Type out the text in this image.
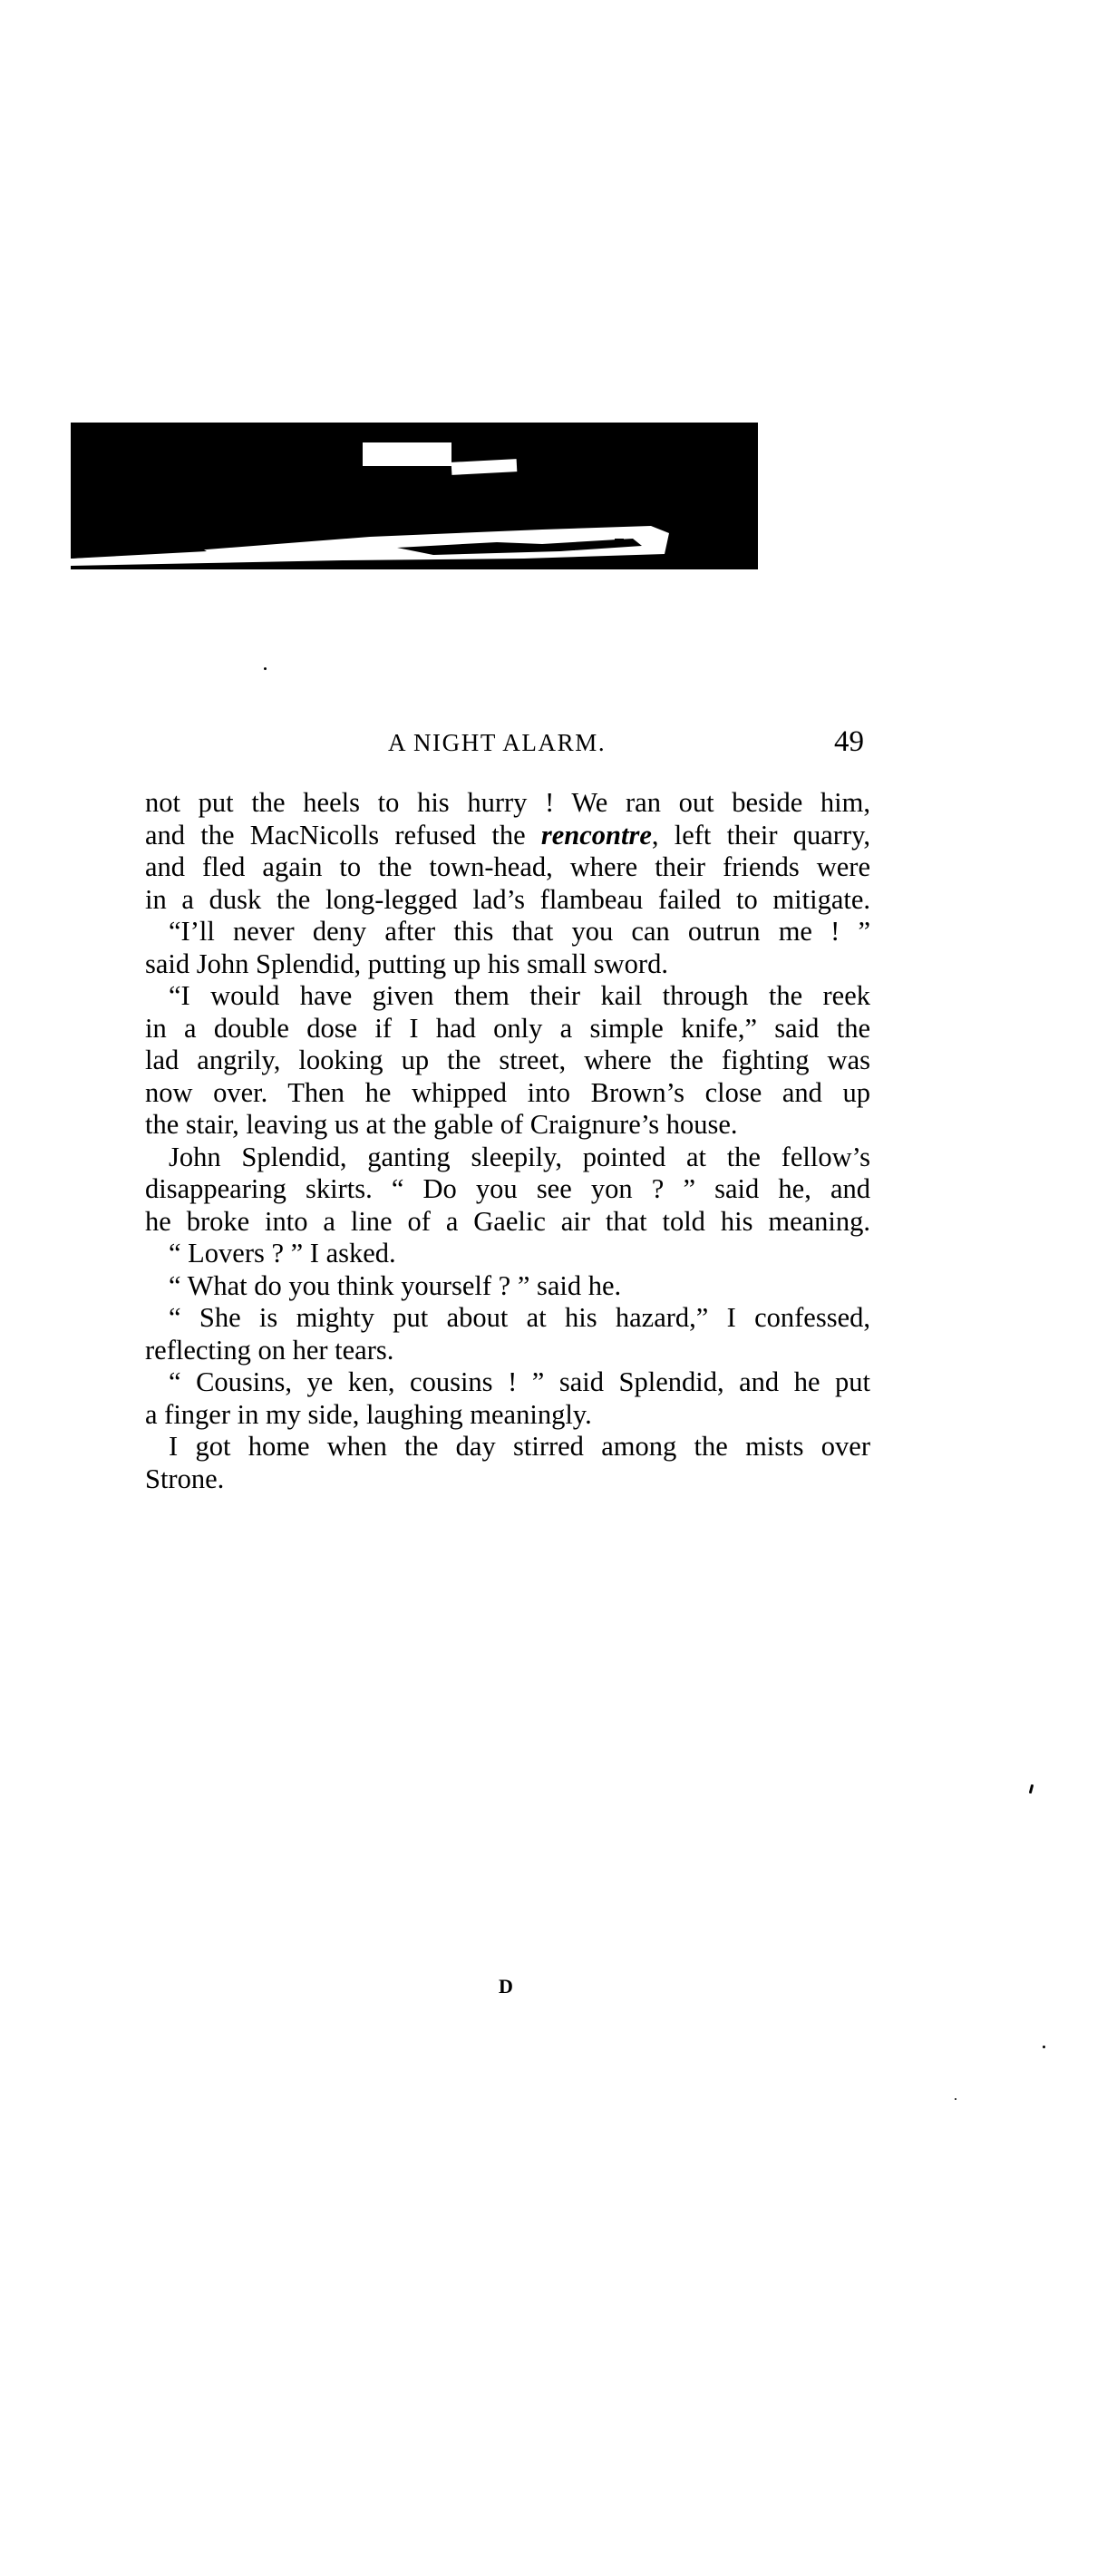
A NIGHT ALARM.	49
not put the heels to his hurry ! We ran out beside him,
and the MacNicolls refused the rencontre, left their quarry,
and fled again to the town-head, where their friends were
in a dusk the long-legged lad’s flambeau failed to mitigate.
“I’ll never deny after this that you can outrun me ! ”
said John Splendid, putting up his small sword.
“I would have given them their kail through the reek
in a double dose if I had only a simple knife,” said the
lad angrily, looking up the street, where the fighting was
now over. Then he whipped into Brown’s close and up
the stair, leaving us at the gable of Craignure’s house.
John Splendid, ganting sleepily, pointed at the fellow’s
disappearing skirts. “ Do you see yon ? ” said he, and
he broke into a line of a Gaelic air that told his meaning.
“ Lovers ? ” I asked.
“ What do you think yourself ? ” said he.
“ She is mighty put about at his hazard,” I confessed,
reflecting on her tears.
“ Cousins, ye ken, cousins ! ” said Splendid, and he put
a finger in my side, laughing meaningly.
I got home when the day stirred among the mists over
Strone.
D
